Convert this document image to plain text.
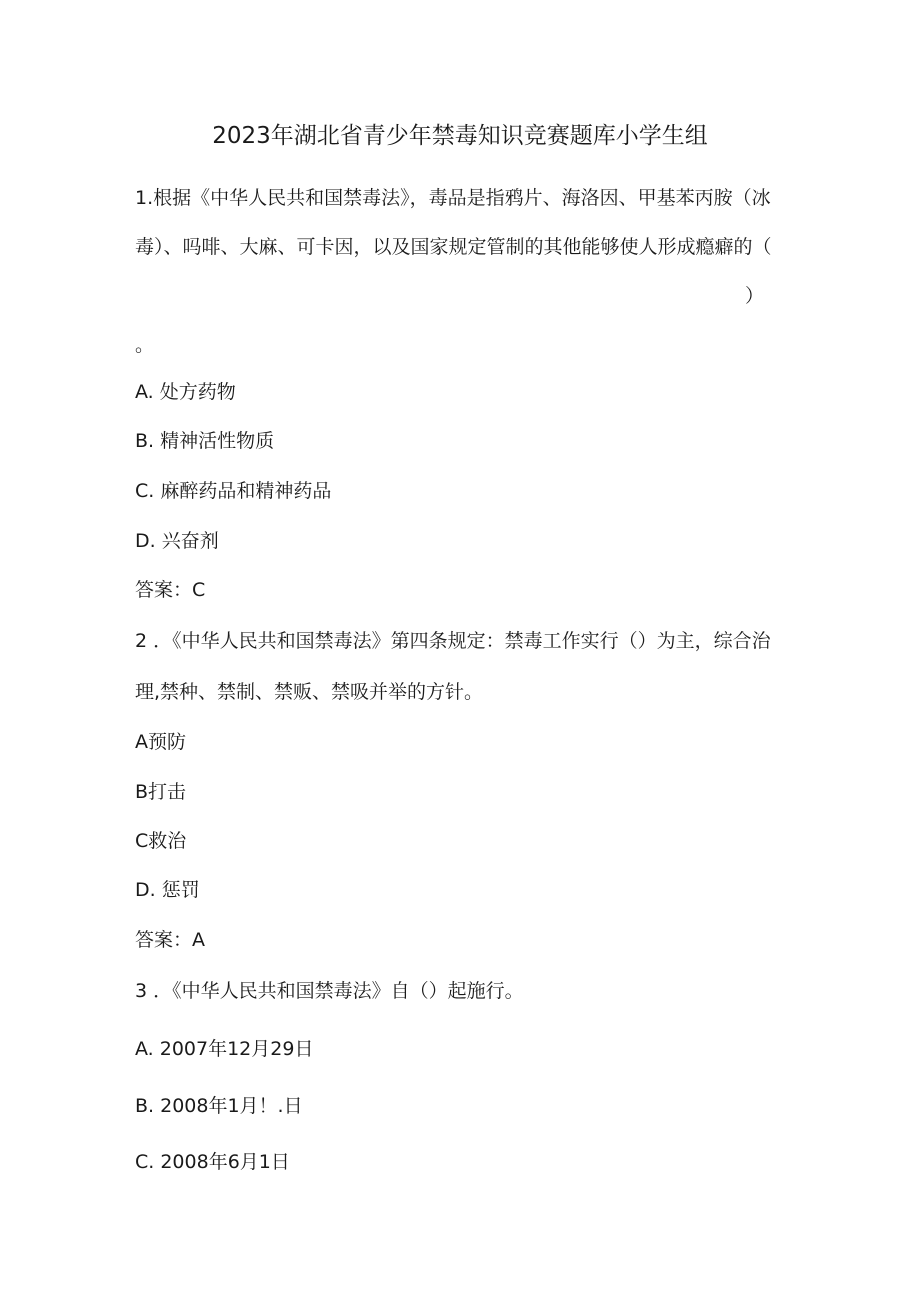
2023年湖北省青少年禁毒知识竞赛题库小学生组
1.根据《中华人民共和国禁毒法》，毒品是指鸦片、海洛因、甲基苯丙胺（冰
毒）、吗啡、大麻、可卡因，以及国家规定管制的其他能够使人形成瘾癖的（
）
。
A. 处方药物
B. 精神活性物质
C. 麻醉药品和精神药品
D. 兴奋剂
答案：C
2 ．《中华人民共和国禁毒法》第四条规定：禁毒工作实行（）为主，综合治
理,禁种、禁制、禁贩、禁吸并举的方针。
A预防
B打击
C救治
D. 惩罚
答案：A
3 ．《中华人民共和国禁毒法》自（）起施行。
A. 2007年12月29日
B. 2008年1月！.日
C. 2008年6月1日
